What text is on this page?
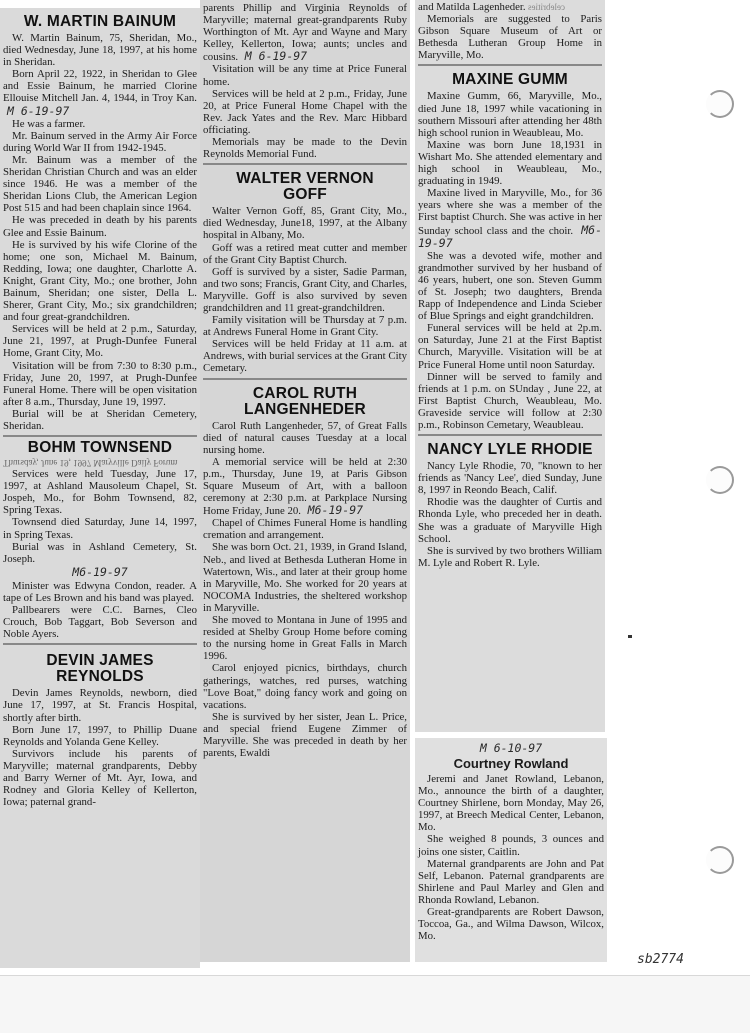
W. MARTIN BAINUM

W. Martin Bainum, 75, Sheridan, Mo., died Wednesday, June 18, 1997, at his home in Sheridan.

Born April 22, 1922, in Sheridan to Glee and Essie Bainum, he married Clorine Ellouise Mitchell Jan. 4, 1944, in Troy Kan. M 6-19-97

He was a farmer.

Mr. Bainum served in the Army Air Force during World War II from 1942-1945.

Mr. Bainum was a member of the Sheridan Christian Church and was an elder since 1946. He was a member of the Sheridan Lions Club, the American Legion Post 515 and had been chaplain since 1964.

He was preceded in death by his parents Glee and Essie Bainum.

He is survived by his wife Clorine of the home; one son, Michael M. Bainum, Redding, Iowa; one daughter, Charlotte A. Knight, Grant City, Mo.; one brother, John Bainum, Sheridan; one sister, Della L. Sherer, Grant City, Mo.; six grandchildren; and four great-grandchildren.

Services will be held at 2 p.m., Saturday, June 21, 1997, at Prugh-Dunfee Funeral Home, Grant City, Mo.

Visitation will be from 7:30 to 8:30 p.m., Friday, June 20, 1997, at Prugh-Dunfee Funeral Home. There will be open visitation after 8 a.m., Thursday, June 19, 1997.

Burial will be at Sheridan Cemetery, Sheridan.

BOHM TOWNSEND
Thursday, June 19, 1997 Maryville Daily Forum

Services were held Tuesday, June 17, 1997, at Ashland Mausoleum Chapel, St. Jospeh, Mo., for Bohm Townsend, 82, Spring Texas.

Townsend died Saturday, June 14, 1997, in Spring Texas.

Burial was in Ashland Cemetery, St. Joseph.

M6-19-97

Minister was Edwyna Condon, reader. A tape of Les Brown and his band was played.

Pallbearers were C.C. Barnes, Cleo Crouch, Bob Taggart, Bob Severson and Noble Ayers.

DEVIN JAMES
REYNOLDS

Devin James Reynolds, newborn, died June 17, 1997, at St. Francis Hospital, shortly after birth.

Born June 17, 1997, to Phillip Duane Reynolds and Yolanda Gene Kelley.

Survivors include his parents of Maryville; maternal grandparents, Debby and Barry Werner of Mt. Ayr, Iowa, and Rodney and Gloria Kelley of Kellerton, Iowa; paternal grand-

parents Phillip and Virginia Reynolds of Maryville; maternal great-grandparents Ruby Worthington of Mt. Ayr and Wayne and Mary Kelley, Kellerton, Iowa; aunts; uncles and cousins. M 6-19-97

Visitation will be any time at Price Funeral home.

Services will be held at 2 p.m., Friday, June 20, at Price Funeral Home Chapel with the Rev. Jack Yates and the Rev. Marc Hibbard officiating.

Memorials may be made to the Devin Reynolds Memorial Fund.

WALTER VERNON
GOFF

Walter Vernon Goff, 85, Grant City, Mo., died Wednesday, June18, 1997, at the Albany hospital in Albany, Mo.

Goff was a retired meat cutter and member of the Grant City Baptist Church.

Goff is survived by a sister, Sadie Parman, and two sons; Francis, Grant City, and Charles, Maryville. Goff is also survived by seven grandchildren and 11 great-grandchildren.

Family visitation will be Thursday at 7 p.m. at Andrews Funeral Home in Grant City.

Services will be held Friday at 11 a.m. at Andrews, with burial services at the Grant City Cemetary.

CAROL RUTH
LANGENHEDER

Carol Ruth Langenheder, 57, of Great Falls died of natural causes Tuesday at a local nursing home.

A memorial service will be held at 2:30 p.m., Thursday, June 19, at Paris Gibson Square Museum of Art, with a balloon ceremony at 2:30 p.m. at Parkplace Nursing Home Friday, June 20. M6-19-97

Chapel of Chimes Funeral Home is handling cremation and arrangement.

She was born Oct. 21, 1939, in Grand Island, Neb., and lived at Bethesda Lutheran Home in Watertown, Wis., and later at their group home in Maryville, Mo. She worked for 20 years at NOCOMA Industries, the sheltered workshop in Maryville.

She moved to Montana in June of 1995 and resided at Shelby Group Home before coming to the nursing home in Great Falls in March 1996.

Carol enjoyed picnics, birthdays, church gatherings, watches, red purses, watching "Love Boat," doing fancy work and going on vacations.

She is survived by her sister, Jean L. Price, and special friend Eugene Zimmer of Maryville. She was preceded in death by her parents, Ewaldi

and Matilda Lagenheder. celebrities

Memorials are suggested to Paris Gibson Square Museum of Art or Bethesda Lutheran Group Home in Maryville, Mo.

MAXINE GUMM

Maxine Gumm, 66, Maryville, Mo., died June 18, 1997 while vacationing in southern Missouri after attending her 48th high school runion in Weaubleau, Mo.

Maxine was born June 18,1931 in Wishart Mo. She attended elementary and high school in Weaubleau, Mo., graduating in 1949.

Maxine lived in Maryville, Mo., for 36 years where she was a member of the First baptist Church. She was active in her Sunday school class and the choir. M6-19-97

She was a devoted wife, mother and grandmother survived by her husband of 46 years, hubert, one son. Steven Gumm of St. Joseph; two daughters, Brenda Rapp of Independence and Linda Scieber of Blue Springs and eight grandchildren.

Funeral services will be held at 2p.m. on Saturday, June 21 at the First Baptist Church, Maryville. Visitation will be at Price Funeral Home until noon Saturday.

Dinner will be served to family and friends at 1 p.m. on SUnday , June 22, at First Baptist Church, Weaubleau, Mo. Graveside service will follow at 2:30 p.m., Robinson Cemetary, Weaubleau.

NANCY LYLE RHODIE

Nancy Lyle Rhodie, 70, "known to her friends as 'Nancy Lee', died Sunday, June 8, 1997 in Reondo Beach, Calif.

Rhodie was the daughter of Curtis and Rhonda Lyle, who preceded her in death. She was a graduate of Maryville High School.

She is survived by two brothers William M. Lyle and Robert R. Lyle.

M 6-10-97
Courtney Rowland

Jeremi and Janet Rowland, Lebanon, Mo., announce the birth of a daughter, Courtney Shirlene, born Monday, May 26, 1997, at Breech Medical Center, Lebanon, Mo.

She weighed 8 pounds, 3 ounces and joins one sister, Caitlin.

Maternal grandparents are John and Pat Self, Lebanon. Paternal grandparents are Shirlene and Paul Marley and Glen and Rhonda Rowland, Lebanon.

Great-grandparents are Robert Dawson, Toccoa, Ga., and Wilma Dawson, Wilcox, Mo.

sb2774
